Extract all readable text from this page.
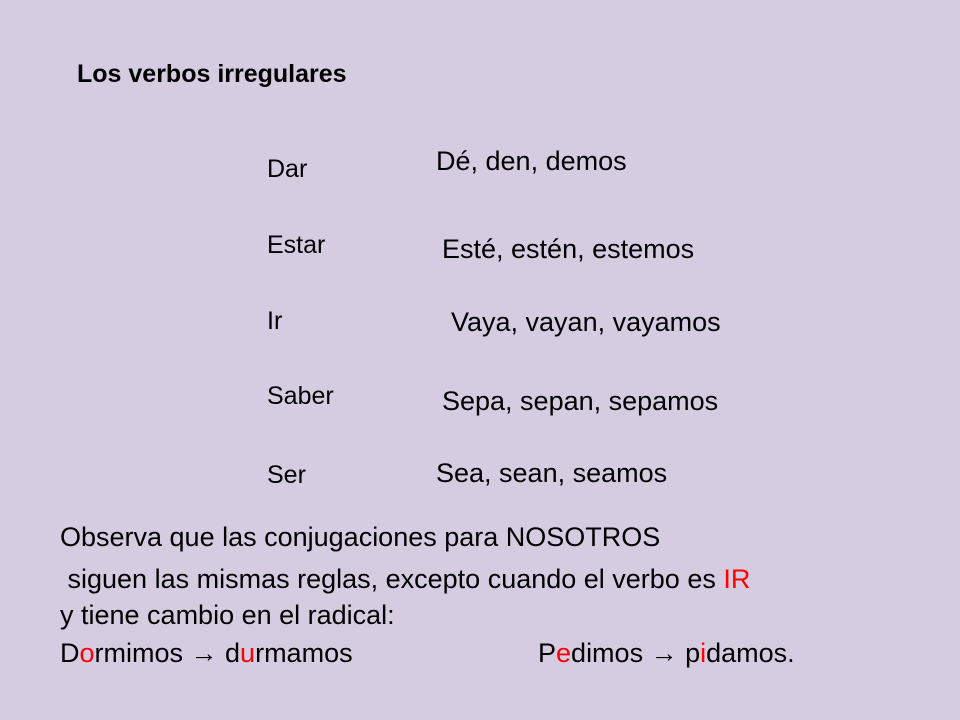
Los verbos irregulares
Dar	Dé, den, demos
Estar	Esté, estén, estemos
Ir	Vaya, vayan, vayamos
Saber	Sepa, sepan, sepamos
Ser	Sea, sean, seamos
Observa que las conjugaciones para NOSOTROS
siguen las mismas reglas, excepto cuando el verbo es IR
y tiene cambio en el radical:
Dormimos → durmamos	Pedimos → pidamos.
